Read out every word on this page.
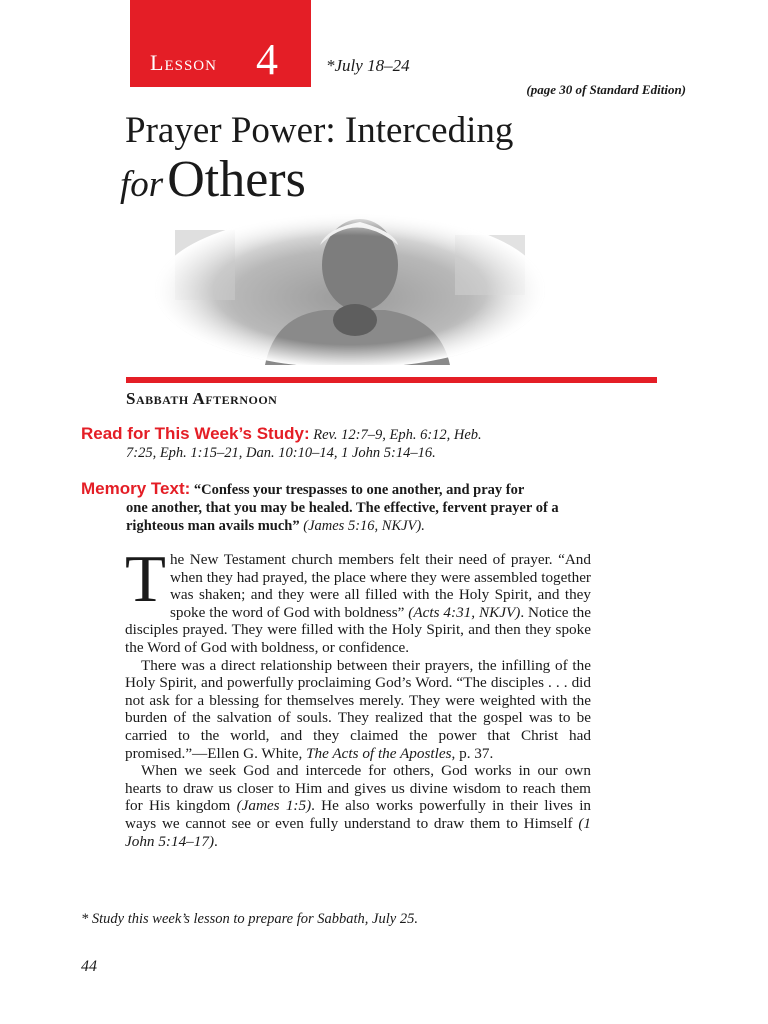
Lesson 4	*July 18–24
(page 30 of Standard Edition)
Prayer Power: Interceding
for Others
Sabbath Afternoon
Read for This Week’s Study: Rev. 12:7–9, Eph. 6:12, Heb.
7:25, Eph. 1:15–21, Dan. 10:10–14, 1 John 5:14–16.
Memory Text: “Confess your trespasses to one another, and pray for
one another, that you may be healed. The effective, fervent prayer of a
righteous man avails much” (James 5:16, NKJV).

The New Testament church members felt their need of prayer. “And when they had prayed, the place where they were assembled together was shaken; and they were all filled with the Holy Spirit, and they spoke the word of God with boldness” (Acts 4:31, NKJV). Notice the disciples prayed. They were filled with the Holy Spirit, and then they spoke the Word of God with boldness, or confidence.

There was a direct relationship between their prayers, the infilling of the Holy Spirit, and powerfully proclaiming God’s Word. “The disciples . . . did not ask for a blessing for themselves merely. They were weighted with the burden of the salvation of souls. They realized that the gospel was to be carried to the world, and they claimed the power that Christ had promised.”—Ellen G. White, The Acts of the Apostles, p. 37.

When we seek God and intercede for others, God works in our own hearts to draw us closer to Him and gives us divine wisdom to reach them for His kingdom (James 1:5). He also works powerfully in their lives in ways we cannot see or even fully understand to draw them to Himself (1 John 5:14–17).

* Study this week’s lesson to prepare for Sabbath, July 25.
44
